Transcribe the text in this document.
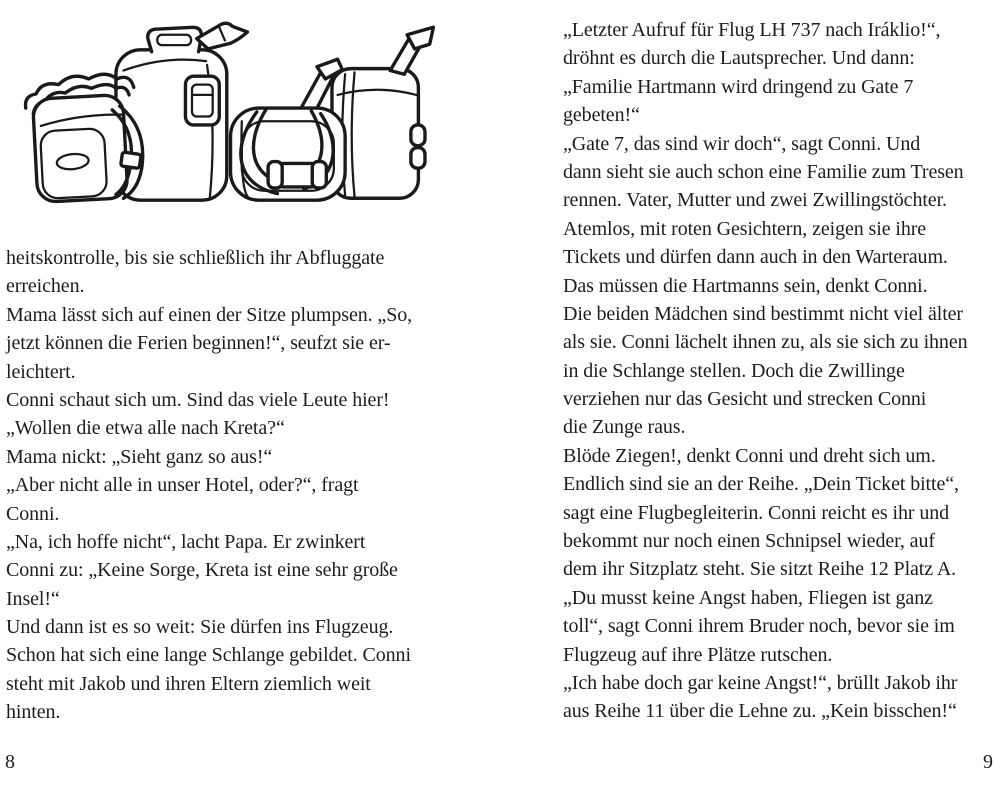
heitskontrolle, bis sie schließlich ihr Abfluggate
erreichen.
Mama lässt sich auf einen der Sitze plumpsen. „So,
jetzt können die Ferien beginnen!“, seufzt sie er-
leichtert.
Conni schaut sich um. Sind das viele Leute hier!
„Wollen die etwa alle nach Kreta?“
Mama nickt: „Sieht ganz so aus!“
„Aber nicht alle in unser Hotel, oder?“, fragt
Conni.
„Na, ich hoffe nicht“, lacht Papa. Er zwinkert
Conni zu: „Keine Sorge, Kreta ist eine sehr große
Insel!“
Und dann ist es so weit: Sie dürfen ins Flugzeug.
Schon hat sich eine lange Schlange gebildet. Conni
steht mit Jakob und ihren Eltern ziemlich weit
hinten.
„Letzter Aufruf für Flug LH 737 nach Iráklio!“,
dröhnt es durch die Lautsprecher. Und dann:
„Familie Hartmann wird dringend zu Gate 7
gebeten!“
„Gate 7, das sind wir doch“, sagt Conni. Und
dann sieht sie auch schon eine Familie zum Tresen
rennen. Vater, Mutter und zwei Zwillingstöchter.
Atemlos, mit roten Gesichtern, zeigen sie ihre
Tickets und dürfen dann auch in den Warteraum.
Das müssen die Hartmanns sein, denkt Conni.
Die beiden Mädchen sind bestimmt nicht viel älter
als sie. Conni lächelt ihnen zu, als sie sich zu ihnen
in die Schlange stellen. Doch die Zwillinge
verziehen nur das Gesicht und strecken Conni
die Zunge raus.
Blöde Ziegen!, denkt Conni und dreht sich um.
Endlich sind sie an der Reihe. „Dein Ticket bitte“,
sagt eine Flugbegleiterin. Conni reicht es ihr und
bekommt nur noch einen Schnipsel wieder, auf
dem ihr Sitzplatz steht. Sie sitzt Reihe 12 Platz A.
„Du musst keine Angst haben, Fliegen ist ganz
toll“, sagt Conni ihrem Bruder noch, bevor sie im
Flugzeug auf ihre Plätze rutschen.
„Ich habe doch gar keine Angst!“, brüllt Jakob ihr
aus Reihe 11 über die Lehne zu. „Kein bisschen!“
8	9
